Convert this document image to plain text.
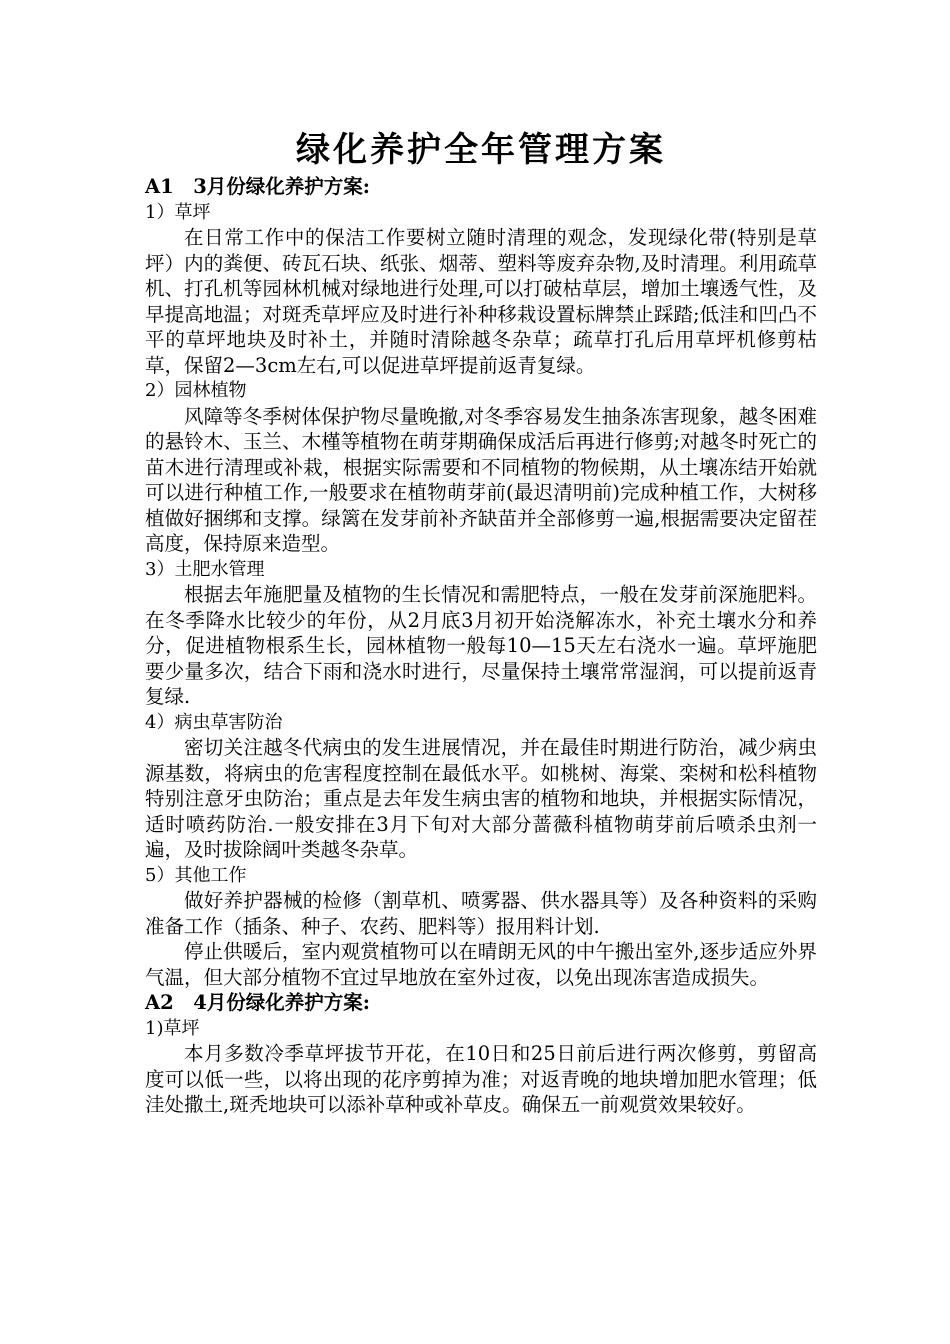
绿化养护全年管理方案
A1　3月份绿化养护方案:
1）草坪

在日常工作中的保洁工作要树立随时清理的观念，发现绿化带(特别是草坪）内的粪便、砖瓦石块、纸张、烟蒂、塑料等废弃杂物,及时清理。利用疏草机、打孔机等园林机械对绿地进行处理,可以打破枯草层，增加土壤透气性，及早提高地温；对斑秃草坪应及时进行补种移栽设置标牌禁止踩踏;低洼和凹凸不平的草坪地块及时补土，并随时清除越冬杂草；疏草打孔后用草坪机修剪枯草，保留2—3cm左右,可以促进草坪提前返青复绿。

2）园林植物

风障等冬季树体保护物尽量晚撤,对冬季容易发生抽条冻害现象，越冬困难的悬铃木、玉兰、木槿等植物在萌芽期确保成活后再进行修剪;对越冬时死亡的苗木进行清理或补栽，根据实际需要和不同植物的物候期，从土壤冻结开始就可以进行种植工作,一般要求在植物萌芽前(最迟清明前)完成种植工作，大树移植做好捆绑和支撑。绿篱在发芽前补齐缺苗并全部修剪一遍,根据需要决定留茬高度，保持原来造型。

3）土肥水管理

根据去年施肥量及植物的生长情况和需肥特点，一般在发芽前深施肥料。在冬季降水比较少的年份，从2月底3月初开始浇解冻水，补充土壤水分和养分，促进植物根系生长，园林植物一般每10—15天左右浇水一遍。草坪施肥要少量多次，结合下雨和浇水时进行，尽量保持土壤常常湿润，可以提前返青复绿.

4）病虫草害防治

密切关注越冬代病虫的发生进展情况，并在最佳时期进行防治，减少病虫源基数，将病虫的危害程度控制在最低水平。如桃树、海棠、栾树和松科植物特别注意牙虫防治；重点是去年发生病虫害的植物和地块，并根据实际情况，适时喷药防治.一般安排在3月下旬对大部分蔷薇科植物萌芽前后喷杀虫剂一遍，及时拔除阔叶类越冬杂草。

5）其他工作

做好养护器械的检修（割草机、喷雾器、供水器具等）及各种资料的采购准备工作（插条、种子、农药、肥料等）报用料计划.

停止供暖后，室内观赏植物可以在晴朗无风的中午搬出室外,逐步适应外界气温，但大部分植物不宜过早地放在室外过夜，以免出现冻害造成损失。

A2　4月份绿化养护方案:
1)草坪

本月多数冷季草坪拔节开花，在10日和25日前后进行两次修剪，剪留高度可以低一些，以将出现的花序剪掉为准；对返青晚的地块增加肥水管理；低洼处撒土,斑秃地块可以添补草种或补草皮。确保五一前观赏效果较好。
